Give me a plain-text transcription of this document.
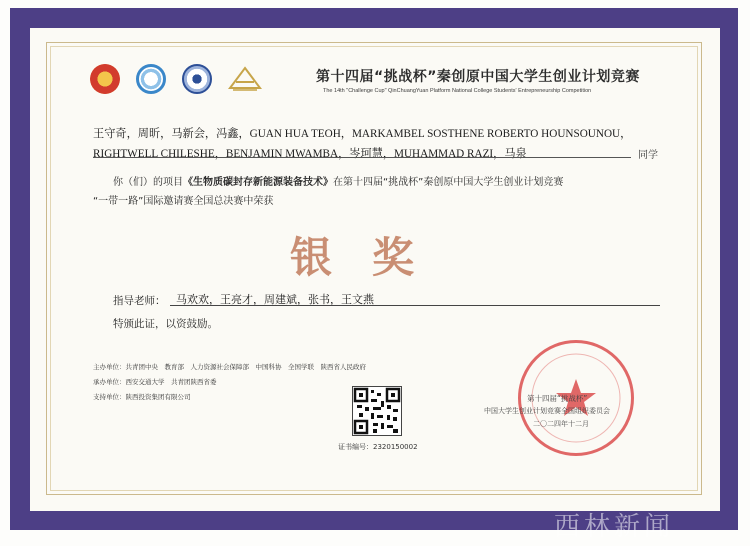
第十四届“挑战杯”秦创原中国大学生创业计划竞赛
The 14th "Challenge Cup" QinChuangYuan Platform National College Students' Entrepreneurship Competition
王守奇，周昕，马新会，冯鑫，GUAN HUA TEOH，MARKAMBEL SOSTHENE ROBERTO HOUNSOUNOU，
RIGHTWELL CHILESHE，BENJAMIN MWAMBA，岑珂慧，MUHAMMAD RAZI，马泉	同学
你（们）的项目《生物质碳封存新能源装备技术》在第十四届“挑战杯”秦创原中国大学生创业计划竞赛
“一带一路”国际邀请赛全国总决赛中荣获
银奖
指导老师： 马欢欢，王亮才，周建斌，张书，王文燕
特颁此证，以资鼓励。
主办单位：共青团中央　教育部　人力资源社会保障部　中国科协　全国学联　陕西省人民政府
承办单位：西安交通大学　共青团陕西省委
支持单位：陕西投资集团有限公司
证书编号：2320150002
第十四届“挑战杯”
中国大学生创业计划竞赛全国组织委员会
二〇二四年十二月
西林新闻
